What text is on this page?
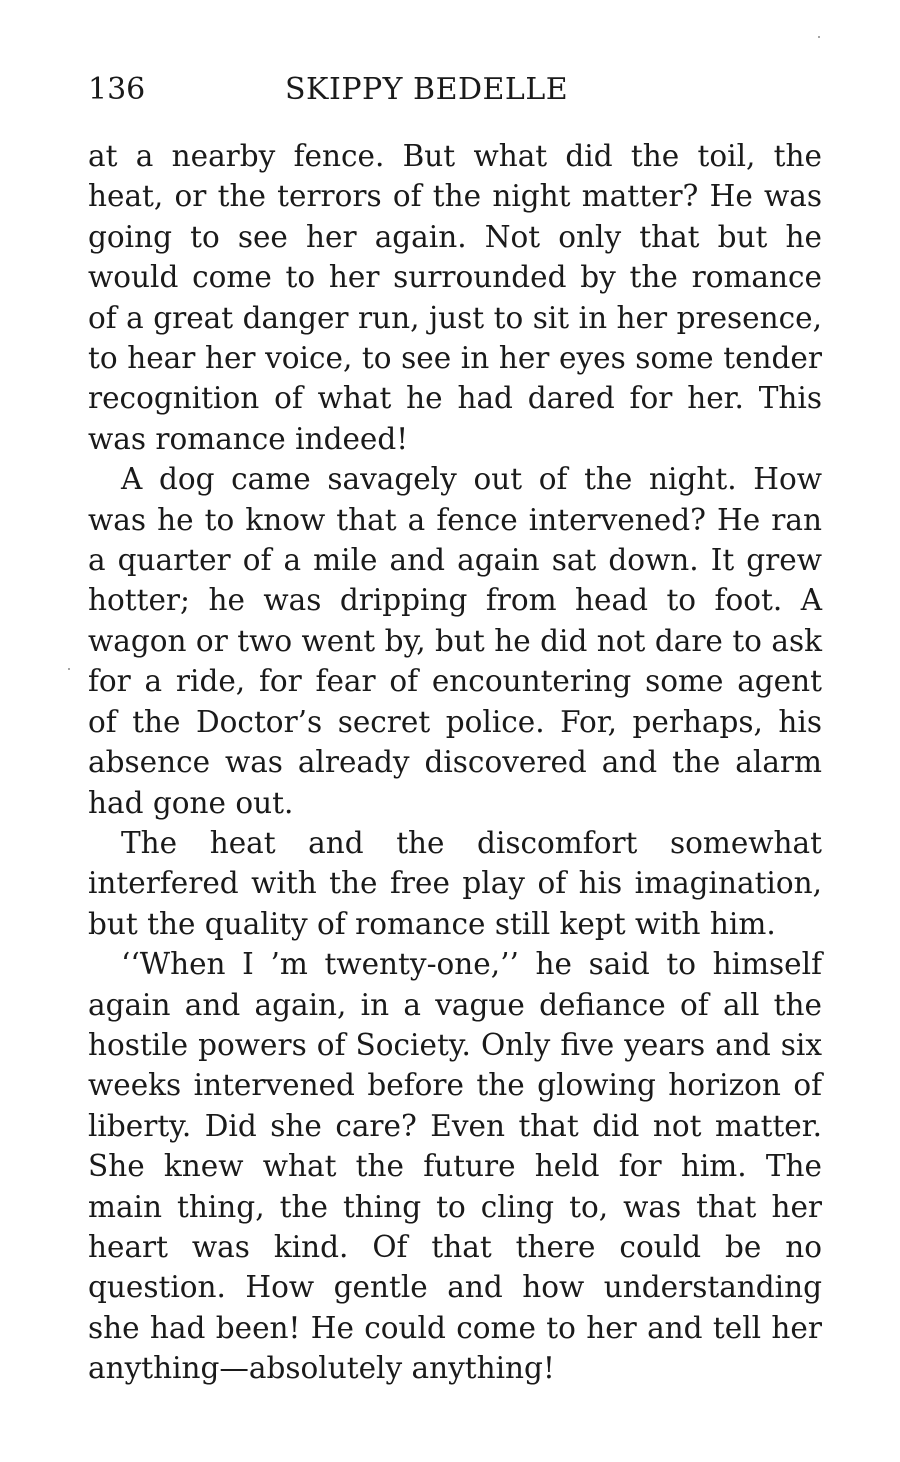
136	SKIPPY BEDELLE

at a nearby fence. But what did the toil, the heat, or the terrors of the night matter? He was going to see her again. Not only that but he would come to her surrounded by the romance of a great danger run, just to sit in her presence, to hear her voice, to see in her eyes some tender recognition of what he had dared for her. This was romance indeed!

A dog came savagely out of the night. How was he to know that a fence intervened? He ran a quarter of a mile and again sat down. It grew hotter; he was dripping from head to foot. A wagon or two went by, but he did not dare to ask for a ride, for fear of encountering some agent of the Doctor’s secret police. For, perhaps, his absence was already discovered and the alarm had gone out.

The heat and the discomfort somewhat interfered with the free play of his imagination, but the quality of romance still kept with him.

‘‘When I ’m twenty-one,’’ he said to himself again and again, in a vague defiance of all the hostile powers of Society. Only five years and six weeks intervened before the glowing horizon of liberty. Did she care? Even that did not matter. She knew what the future held for him. The main thing, the thing to cling to, was that her heart was kind. Of that there could be no question. How gentle and how understanding she had been! He could come to her and tell her anything—absolutely anything!
